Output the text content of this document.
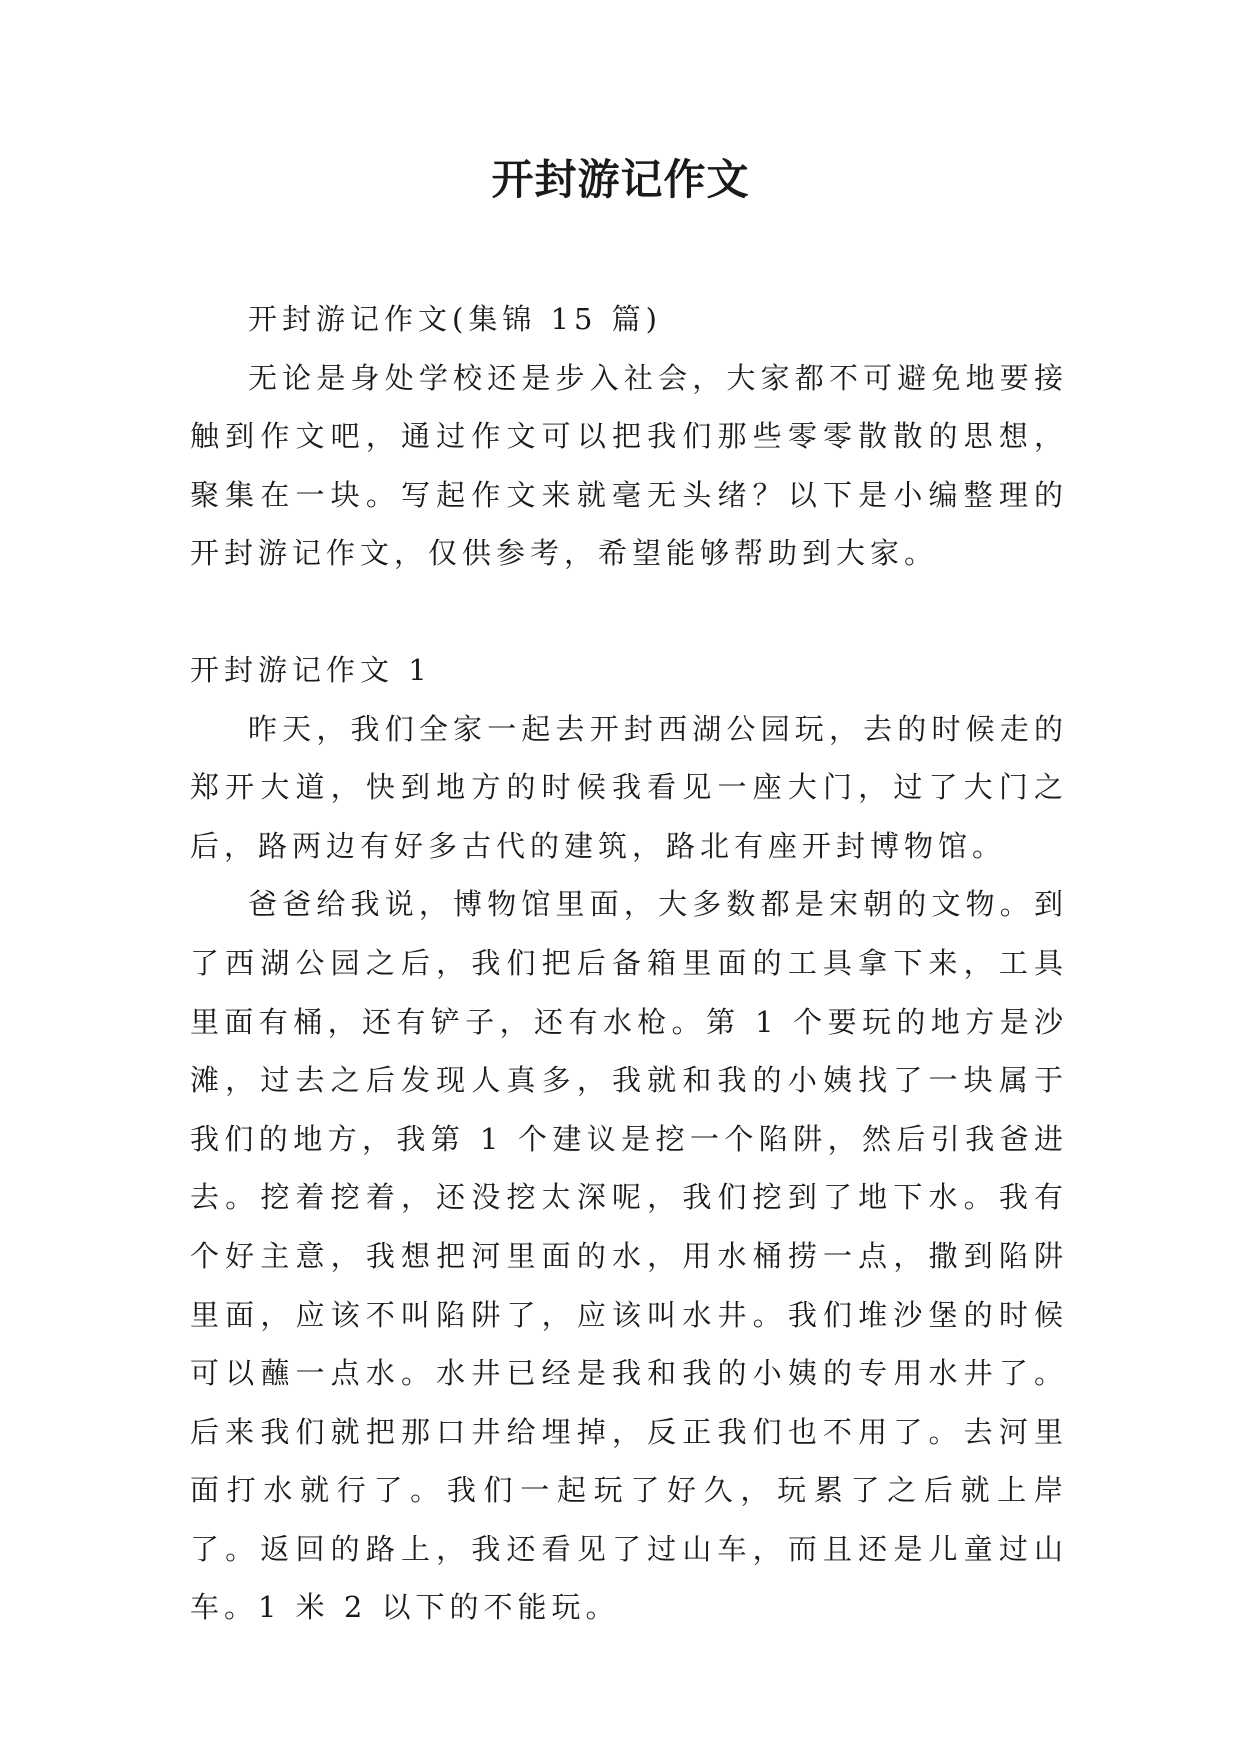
开封游记作文

开封游记作文(集锦 15 篇)

无论是身处学校还是步入社会，大家都不可避免地要接触到作文吧，通过作文可以把我们那些零零散散的思想，聚集在一块。写起作文来就毫无头绪？以下是小编整理的开封游记作文，仅供参考，希望能够帮助到大家。

开封游记作文 1

昨天，我们全家一起去开封西湖公园玩，去的时候走的郑开大道，快到地方的时候我看见一座大门，过了大门之后，路两边有好多古代的建筑，路北有座开封博物馆。

爸爸给我说，博物馆里面，大多数都是宋朝的文物。到了西湖公园之后，我们把后备箱里面的工具拿下来，工具里面有桶，还有铲子，还有水枪。第 1 个要玩的地方是沙滩，过去之后发现人真多，我就和我的小姨找了一块属于我们的地方，我第 1 个建议是挖一个陷阱，然后引我爸进去。挖着挖着，还没挖太深呢，我们挖到了地下水。我有个好主意，我想把河里面的水，用水桶捞一点，撒到陷阱里面，应该不叫陷阱了，应该叫水井。我们堆沙堡的时候可以蘸一点水。水井已经是我和我的小姨的专用水井了。后来我们就把那口井给埋掉，反正我们也不用了。去河里面打水就行了。我们一起玩了好久，玩累了之后就上岸了。返回的路上，我还看见了过山车，而且还是儿童过山车。1 米 2 以下的不能玩。
